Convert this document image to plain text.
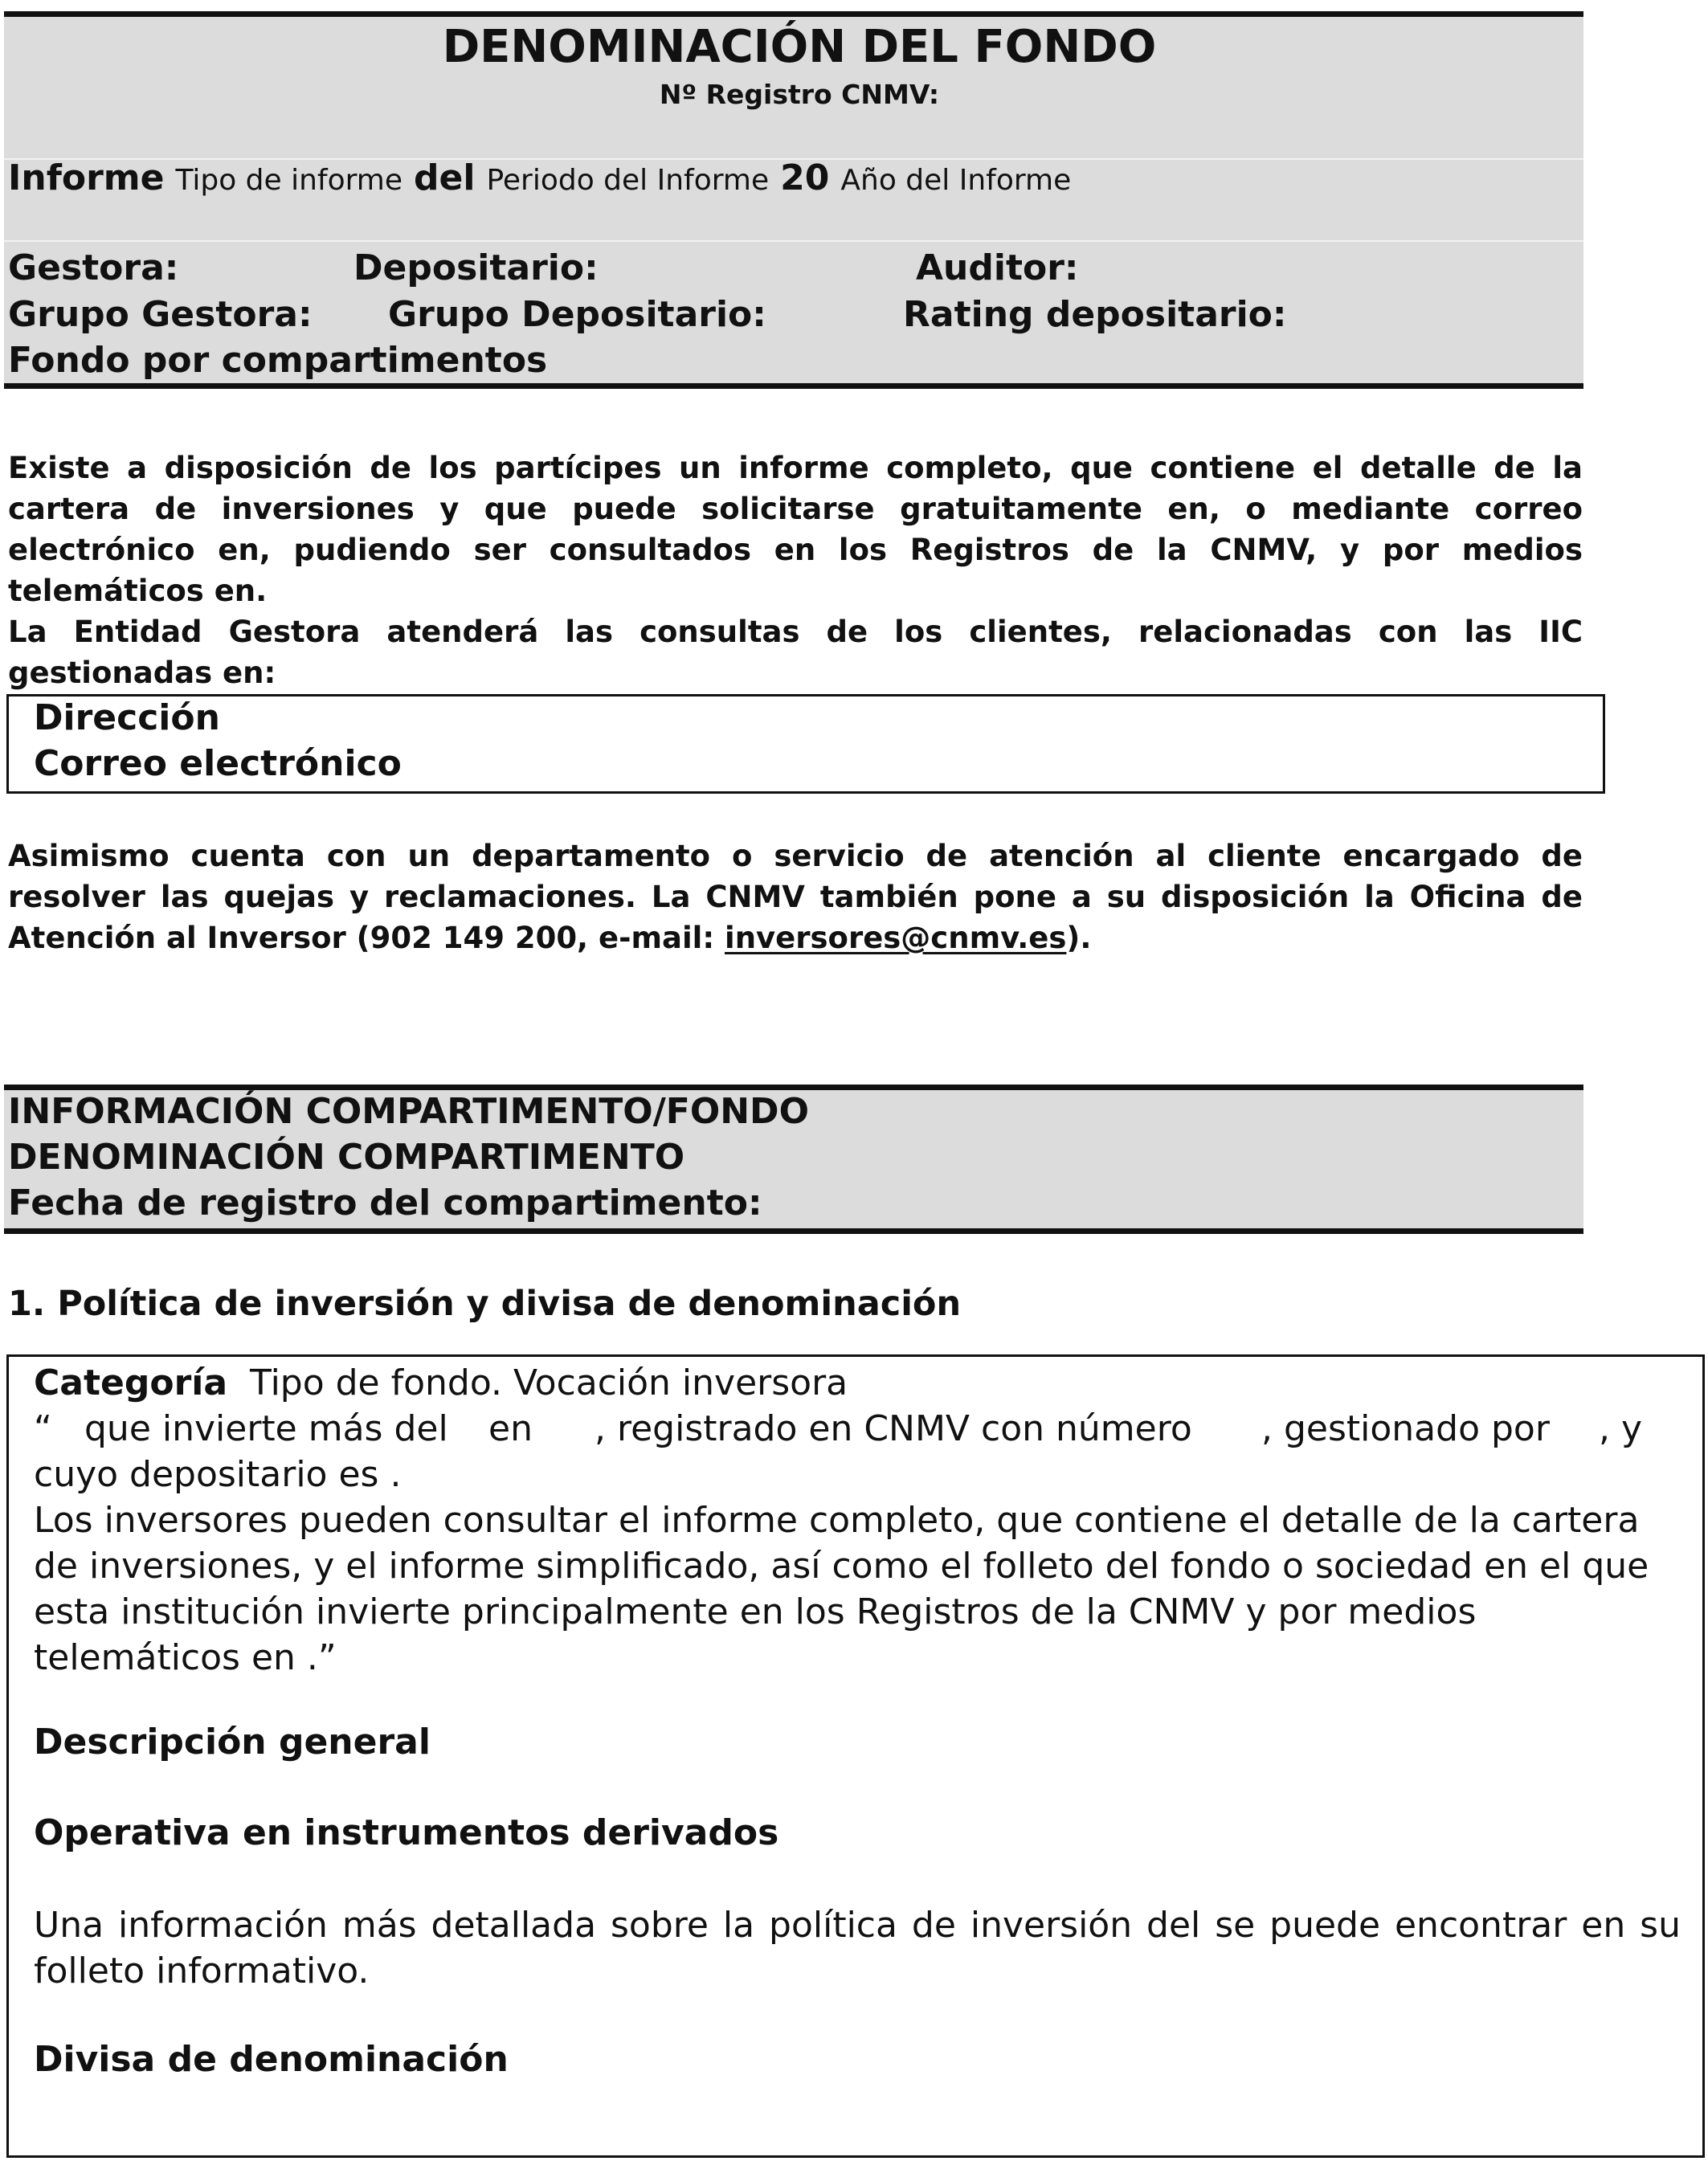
DENOMINACIÓN DEL FONDO
Nº Registro CNMV:
Informe Tipo de informe del Periodo del Informe 20 Año del Informe
Gestora:	Depositario:	Auditor:
Grupo Gestora: Grupo Depositario:	Rating depositario:
Fondo por compartimentos
Existe a disposición de los partícipes un informe completo, que contiene el detalle de la cartera de inversiones y que puede solicitarse gratuitamente en, o mediante correo electrónico en, pudiendo ser consultados en los Registros de la CNMV, y por medios telemáticos en.
La Entidad Gestora atenderá las consultas de los clientes, relacionadas con las IIC gestionadas en:
Dirección
Correo electrónico
Asimismo cuenta con un departamento o servicio de atención al cliente encargado de resolver las quejas y reclamaciones. La CNMV también pone a su disposición la Oficina de Atención al Inversor (902 149 200, e-mail: inversores@cnmv.es).
INFORMACIÓN COMPARTIMENTO/FONDO
DENOMINACIÓN COMPARTIMENTO
Fecha de registro del compartimento:
1. Política de inversión y divisa de denominación
Categoría Tipo de fondo. Vocación inversora
“ que invierte más del en , registrado en CNMV con número , gestionado por , y
cuyo depositario es .
Los inversores pueden consultar el informe completo, que contiene el detalle de la cartera de inversiones, y el informe simplificado, así como el folleto del fondo o sociedad en el que esta institución invierte principalmente en los Registros de la CNMV y por medios telemáticos en .”
Descripción general
Operativa en instrumentos derivados
Una información más detallada sobre la política de inversión del se puede encontrar en su folleto informativo.
Divisa de denominación
